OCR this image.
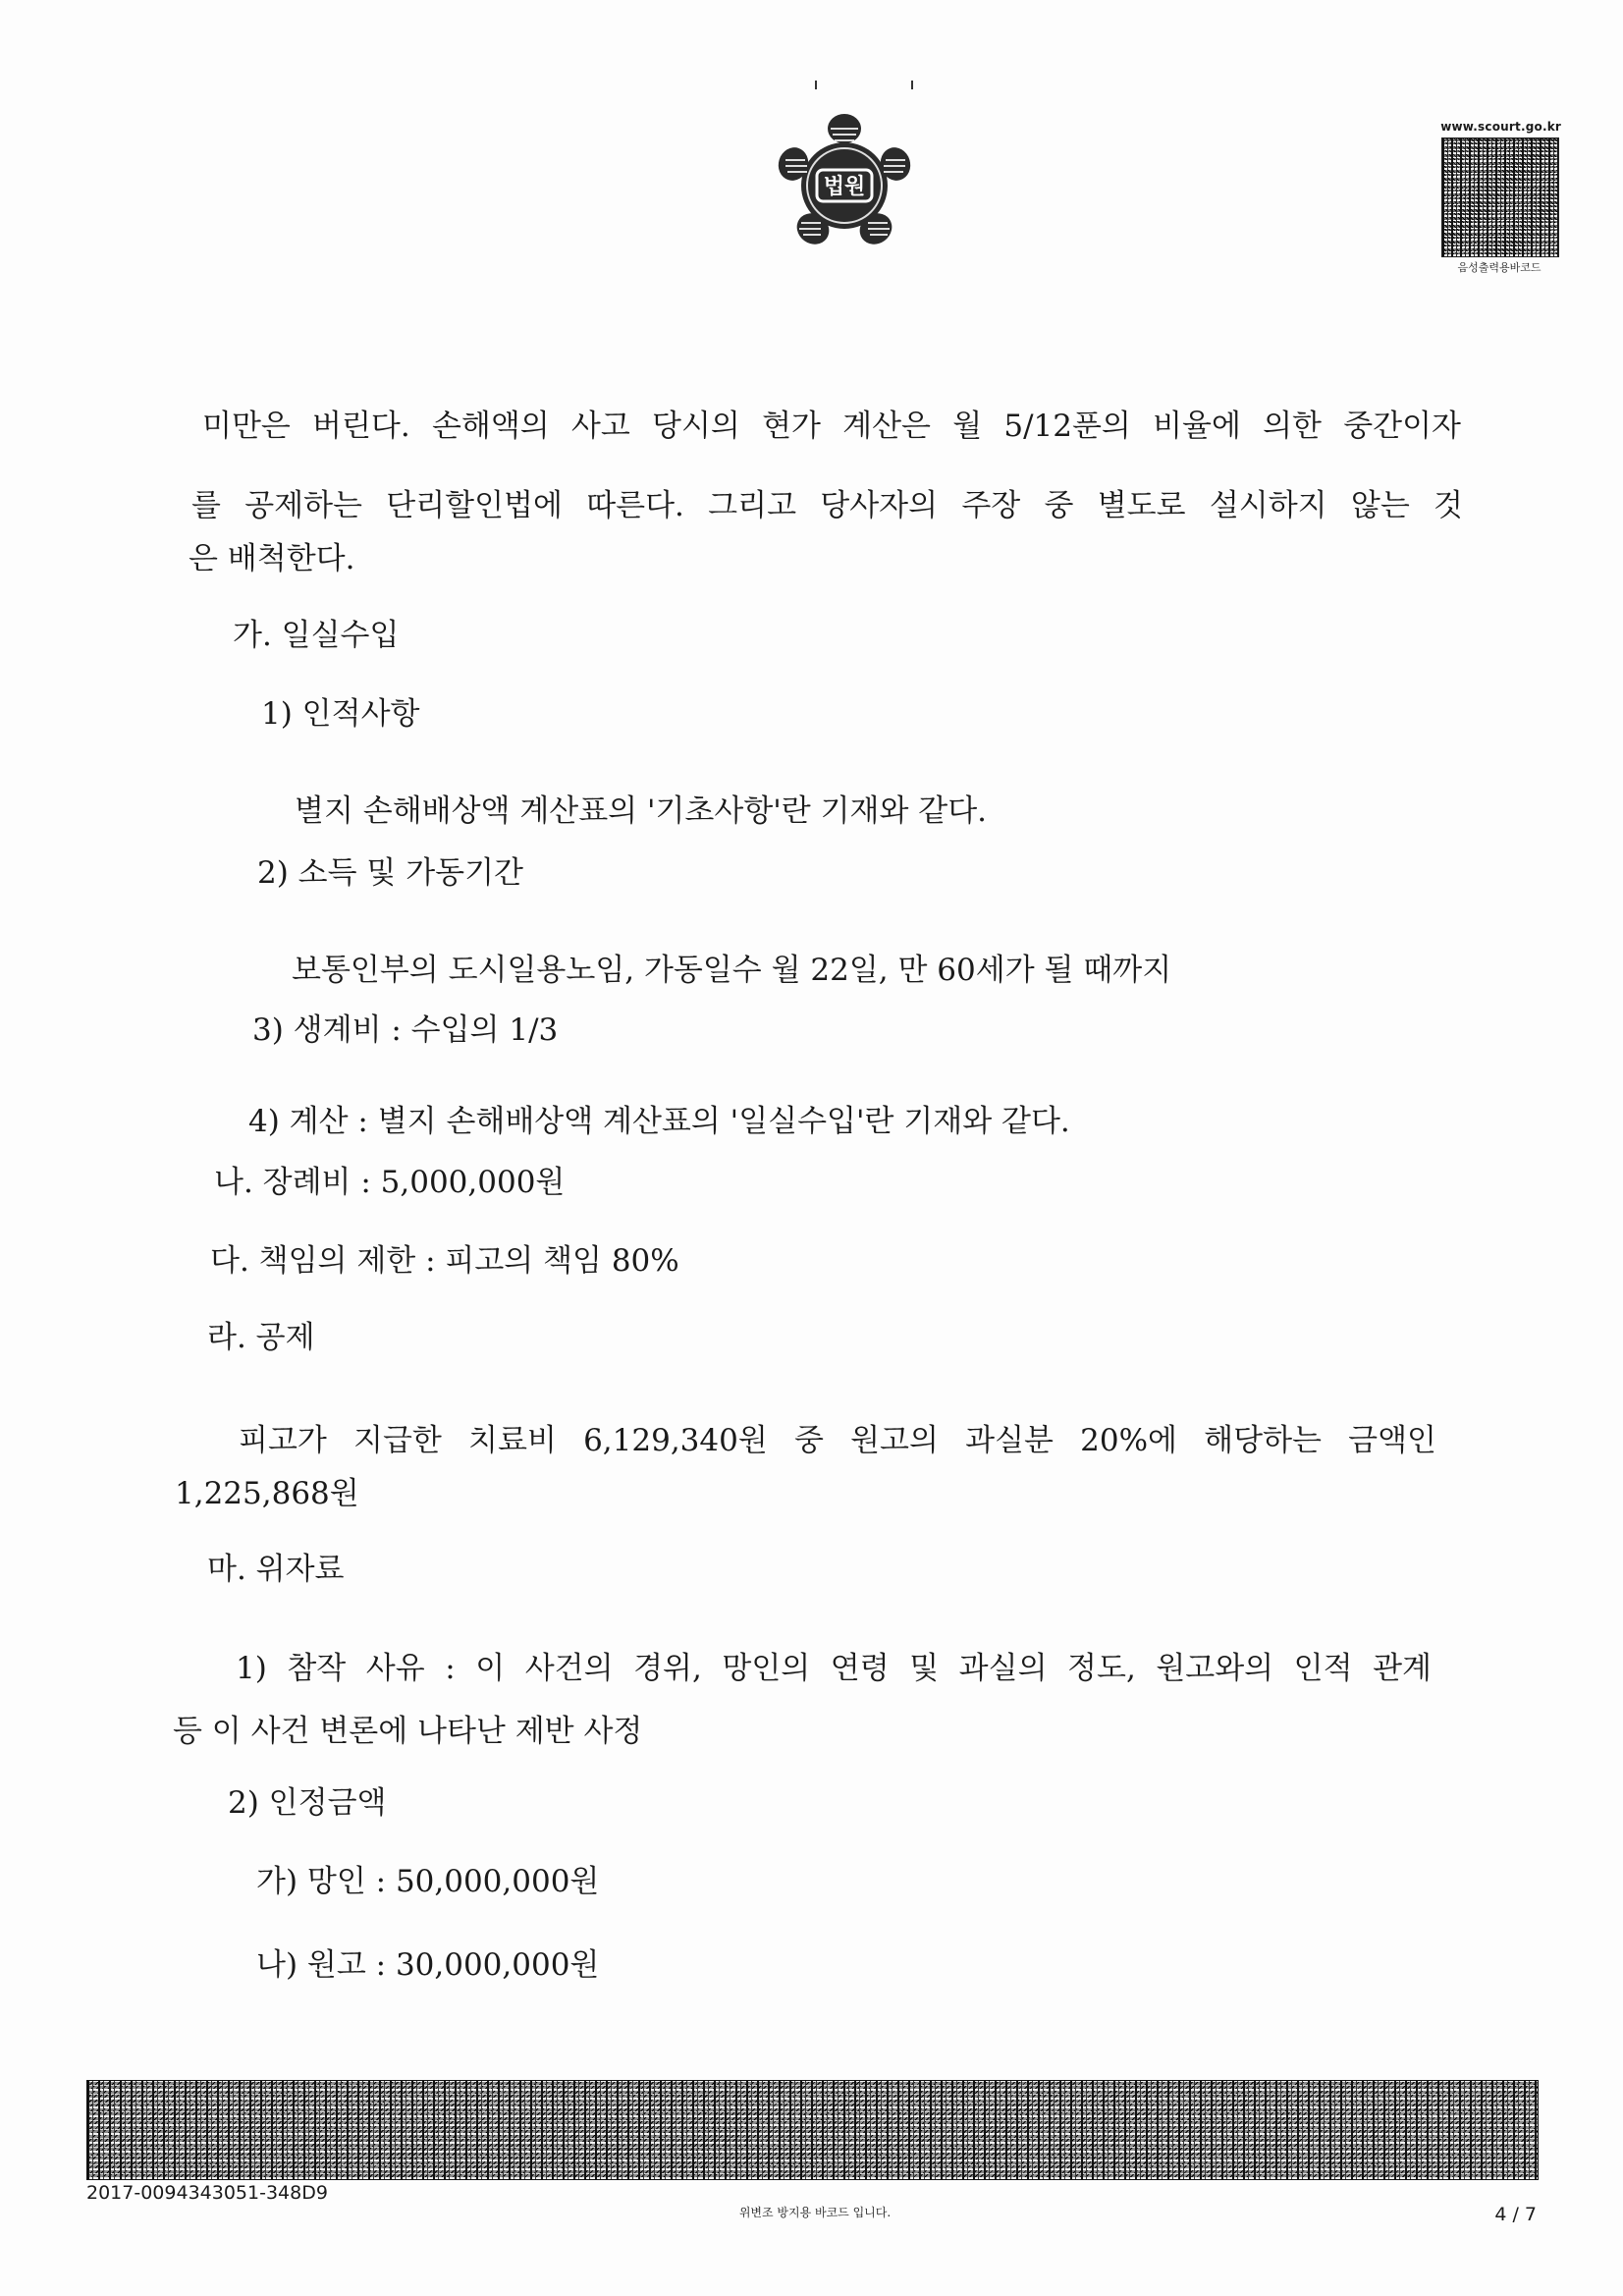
법원
www.scourt.go.kr
음성출력용바코드
미만은 버린다. 손해액의 사고 당시의 현가 계산은 월 5/12푼의 비율에 의한 중간이자
를 공제하는 단리할인법에 따른다. 그리고 당사자의 주장 중 별도로 설시하지 않는 것
은 배척한다.
가. 일실수입
1) 인적사항
별지 손해배상액 계산표의 '기초사항'란 기재와 같다.
2) 소득 및 가동기간
보통인부의 도시일용노임, 가동일수 월 22일, 만 60세가 될 때까지
3) 생계비 : 수입의 1/3
4) 계산 : 별지 손해배상액 계산표의 '일실수입'란 기재와 같다.
나. 장례비 : 5,000,000원
다. 책임의 제한 : 피고의 책임 80%
라. 공제
피고가 지급한 치료비 6,129,340원 중 원고의 과실분 20%에 해당하는 금액인
1,225,868원
마. 위자료
1) 참작 사유 : 이 사건의 경위, 망인의 연령 및 과실의 정도, 원고와의 인적 관계
등 이 사건 변론에 나타난 제반 사정
2) 인정금액
가) 망인 : 50,000,000원
나) 원고 : 30,000,000원
2017-0094343051-348D9
위변조 방지용 바코드 입니다.	4 / 7
